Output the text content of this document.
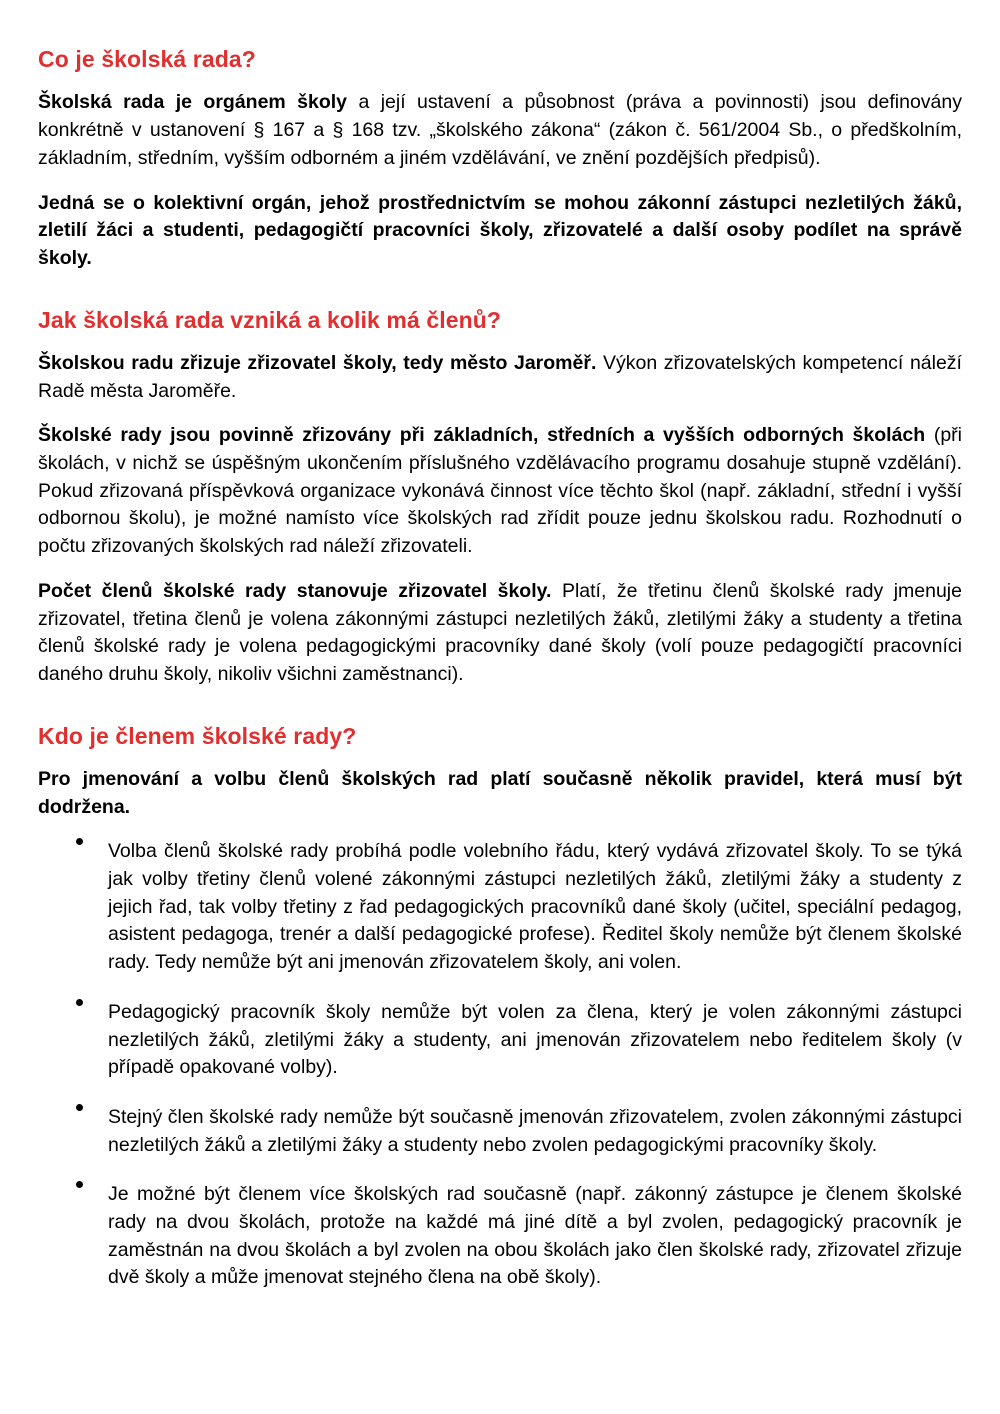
Co je školská rada?

Školská rada je orgánem školy a její ustavení a působnost (práva a povinnosti) jsou definovány konkrétně v ustanovení § 167 a § 168 tzv. „školského zákona“ (zákon č. 561/2004 Sb., o předškolním, základním, středním, vyšším odborném a jiném vzdělávání, ve znění pozdějších předpisů).

Jedná se o kolektivní orgán, jehož prostřednictvím se mohou zákonní zástupci nezletilých žáků, zletilí žáci a studenti, pedagogičtí pracovníci školy, zřizovatelé a další osoby podílet na správě školy.

Jak školská rada vzniká a kolik má členů?

Školskou radu zřizuje zřizovatel školy, tedy město Jaroměř. Výkon zřizovatelských kompetencí náleží Radě města Jaroměře.

Školské rady jsou povinně zřizovány při základních, středních a vyšších odborných školách (při školách, v nichž se úspěšným ukončením příslušného vzdělávacího programu dosahuje stupně vzdělání). Pokud zřizovaná příspěvková organizace vykonává činnost více těchto škol (např. základní, střední i vyšší odbornou školu), je možné namísto více školských rad zřídit pouze jednu školskou radu. Rozhodnutí o počtu zřizovaných školských rad náleží zřizovateli.

Počet členů školské rady stanovuje zřizovatel školy. Platí, že třetinu členů školské rady jmenuje zřizovatel, třetina členů je volena zákonnými zástupci nezletilých žáků, zletilými žáky a studenty a třetina členů školské rady je volena pedagogickými pracovníky dané školy (volí pouze pedagogičtí pracovníci daného druhu školy, nikoliv všichni zaměstnanci).

Kdo je členem školské rady?

Pro jmenování a volbu členů školských rad platí současně několik pravidel, která musí být dodržena.

Volba členů školské rady probíhá podle volebního řádu, který vydává zřizovatel školy. To se týká jak volby třetiny členů volené zákonnými zástupci nezletilých žáků, zletilými žáky a studenty z jejich řad, tak volby třetiny z řad pedagogických pracovníků dané školy (učitel, speciální pedagog, asistent pedagoga, trenér a další pedagogické profese). Ředitel školy nemůže být členem školské rady. Tedy nemůže být ani jmenován zřizovatelem školy, ani volen.
Pedagogický pracovník školy nemůže být volen za člena, který je volen zákonnými zástupci nezletilých žáků, zletilými žáky a studenty, ani jmenován zřizovatelem nebo ředitelem školy (v případě opakované volby).
Stejný člen školské rady nemůže být současně jmenován zřizovatelem, zvolen zákonnými zástupci nezletilých žáků a zletilými žáky a studenty nebo zvolen pedagogickými pracovníky školy.
Je možné být členem více školských rad současně (např. zákonný zástupce je členem školské rady na dvou školách, protože na každé má jiné dítě a byl zvolen, pedagogický pracovník je zaměstnán na dvou školách a byl zvolen na obou školách jako člen školské rady, zřizovatel zřizuje dvě školy a může jmenovat stejného člena na obě školy).
